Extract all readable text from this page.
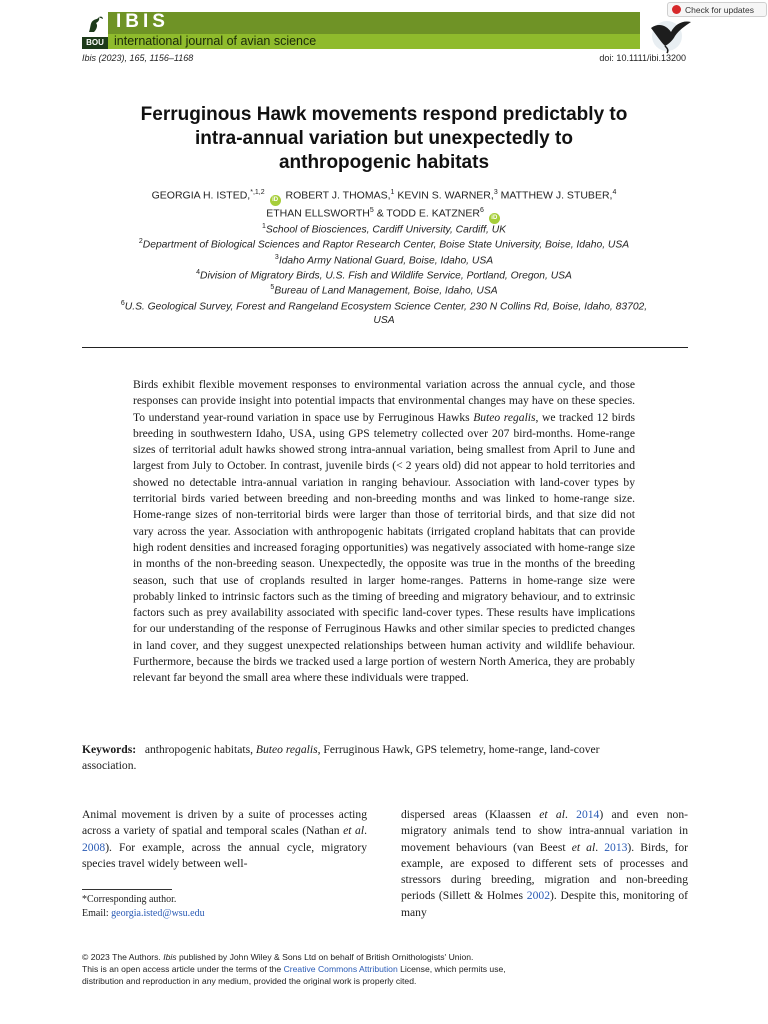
BOU
IBIS
international journal of avian science
Check for updates
Ibis (2023), 165, 1156–1168	doi: 10.1111/ibi.13200
Ferruginous Hawk movements respond predictably to
intra-annual variation but unexpectedly to
anthropogenic habitats
GEORGIA H. ISTED,$^{*,1,2}$ iD ROBERT J. THOMAS,$^1$ KEVIN S. WARNER,$^3$ MATTHEW J. STUBER,$^4$
ETHAN ELLSWORTH$^5$ & TODD E. KATZNER$^6$ iD
$^1$School of Biosciences, Cardiff University, Cardiff, UK
$^2$Department of Biological Sciences and Raptor Research Center, Boise State University, Boise, Idaho, USA
$^3$Idaho Army National Guard, Boise, Idaho, USA
$^4$Division of Migratory Birds, U.S. Fish and Wildlife Service, Portland, Oregon, USA
$^5$Bureau of Land Management, Boise, Idaho, USA
$^6$U.S. Geological Survey, Forest and Rangeland Ecosystem Science Center, 230 N Collins Rd, Boise, Idaho, 83702,
USA
Birds exhibit flexible movement responses to environmental variation across the annual cycle, and those responses can provide insight into potential impacts that environmental changes may have on these species. To understand year-round variation in space use by Ferruginous Hawks Buteo regalis, we tracked 12 birds breeding in southwestern Idaho, USA, using GPS telemetry collected over 207 bird-months. Home-range sizes of territorial adult hawks showed strong intra-annual variation, being smallest from April to June and largest from July to October. In contrast, juvenile birds (< 2 years old) did not appear to hold territories and showed no detectable intra-annual variation in ranging behaviour. Association with land-cover types by territorial birds varied between breeding and non-breeding months and was linked to home-range size. Home-range sizes of non-territorial birds were larger than those of territorial birds, and that size did not vary across the year. Association with anthropogenic habitats (irrigated cropland habitats that can provide high rodent densities and increased foraging opportunities) was negatively associated with home-range size in months of the non-breeding season. Unexpectedly, the opposite was true in the months of the breeding season, such that use of croplands resulted in larger home-ranges. Patterns in home-range size were probably linked to intrinsic factors such as the timing of breeding and migratory behaviour, and to extrinsic factors such as prey availability associated with specific land-cover types. These results have implications for our understanding of the response of Ferruginous Hawks and other similar species to predicted changes in land cover, and they suggest unexpected relationships between human activity and wildlife behaviour. Furthermore, because the birds we tracked used a large portion of western North America, they are probably relevant far beyond the small area where these individuals were trapped.
Keywords: anthropogenic habitats, Buteo regalis, Ferruginous Hawk, GPS telemetry, home-range, land-cover association.
Animal movement is driven by a suite of processes acting across a variety of spatial and temporal scales (Nathan et al. 2008). For example, across the annual cycle, migratory species travel widely between well-
dispersed areas (Klaassen et al. 2014) and even non-migratory animals tend to show intra-annual variation in movement behaviours (van Beest et al. 2013). Birds, for example, are exposed to different sets of processes and stressors during breeding, migration and non-breeding periods (Sillett & Holmes 2002). Despite this, monitoring of many
*Corresponding author.
Email: georgia.isted@wsu.edu
© 2023 The Authors. Ibis published by John Wiley & Sons Ltd on behalf of British Ornithologists' Union.
This is an open access article under the terms of the Creative Commons Attribution License, which permits use,
distribution and reproduction in any medium, provided the original work is properly cited.
